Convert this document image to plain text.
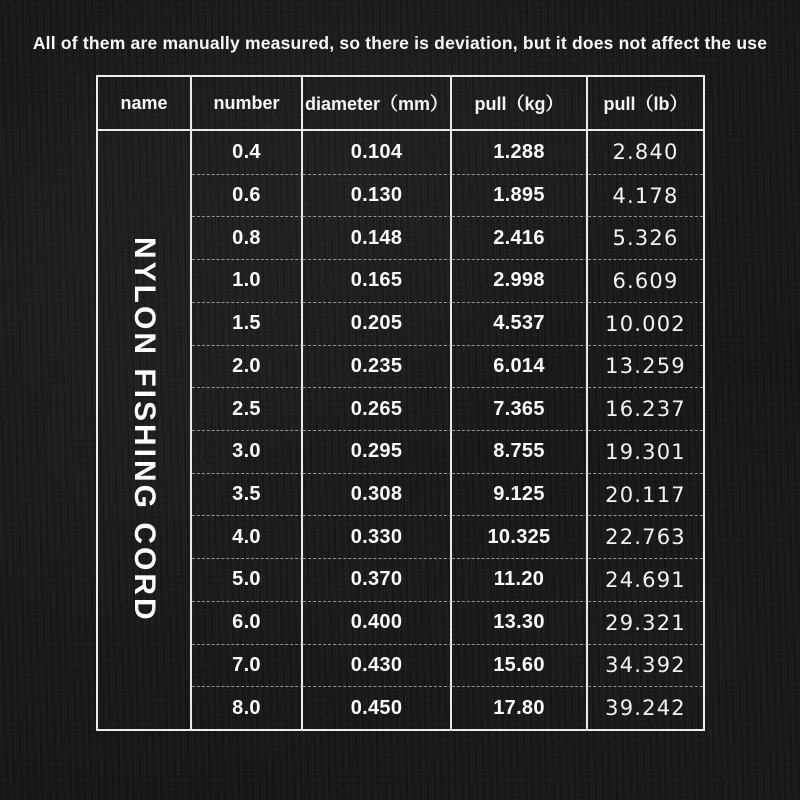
All of them are manually measured, so there is deviation, but it does not affect the use
name	number	diameter（mm）	pull（kg）	pull（lb）
NYLON FISHING CORD
0.4	0.104	1.288	2.840
0.6	0.130	1.895	4.178
0.8	0.148	2.416	5.326
1.0	0.165	2.998	6.609
1.5	0.205	4.537	10.002
2.0	0.235	6.014	13.259
2.5	0.265	7.365	16.237
3.0	0.295	8.755	19.301
3.5	0.308	9.125	20.117
4.0	0.330	10.325	22.763
5.0	0.370	11.20	24.691
6.0	0.400	13.30	29.321
7.0	0.430	15.60	34.392
8.0	0.450	17.80	39.242
